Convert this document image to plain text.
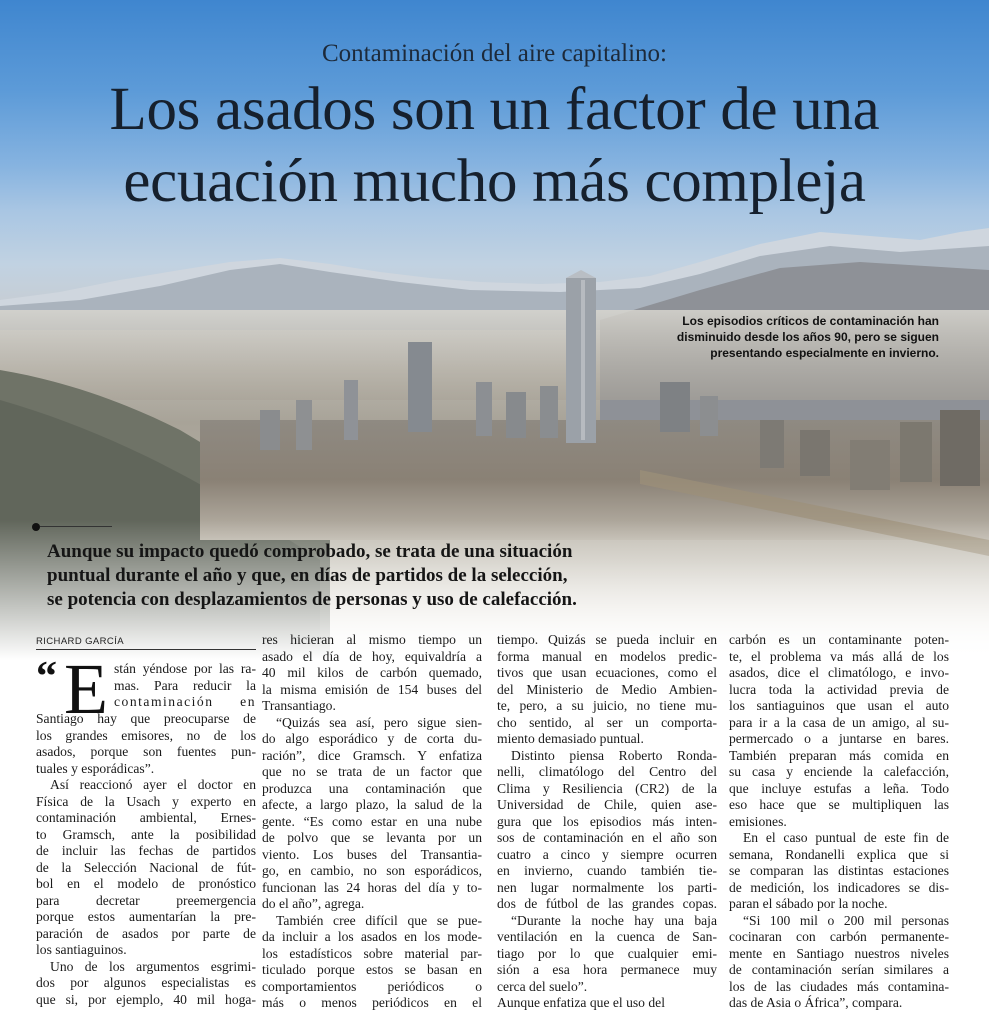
Contaminación del aire capitalino:
Los asados son un factor de una
ecuación mucho más compleja
Los episodios críticos de contaminación han
disminuido desde los años 90, pero se siguen
presentando especialmente en invierno.
Aunque su impacto quedó comprobado, se trata de una situación
puntual durante el año y que, en días de partidos de la selección,
se potencia con desplazamientos de personas y uso de calefacción.
RICHARD GARCÍA
“ E stán yéndose por las ra-
mas. Para reducir la
contaminación en
Santiago hay que preocuparse de
los grandes emisores, no de los
asados, porque son fuentes pun-
tuales y esporádicas”.
Así reaccionó ayer el doctor en
Física de la Usach y experto en
contaminación ambiental, Ernes-
to Gramsch, ante la posibilidad
de incluir las fechas de partidos
de la Selección Nacional de fút-
bol en el modelo de pronóstico
para decretar preemergencia
porque estos aumentarían la pre-
paración de asados por parte de
los santiaguinos.
Uno de los argumentos esgrimi-
dos por algunos especialistas es
que si, por ejemplo, 40 mil hoga-
res hicieran al mismo tiempo un
asado el día de hoy, equivaldría a
40 mil kilos de carbón quemado,
la misma emisión de 154 buses del
Transantiago.
“Quizás sea así, pero sigue sien-
do algo esporádico y de corta du-
ración”, dice Gramsch. Y enfatiza
que no se trata de un factor que
produzca una contaminación que
afecte, a largo plazo, la salud de la
gente. “Es como estar en una nube
de polvo que se levanta por un
viento. Los buses del Transantia-
go, en cambio, no son esporádicos,
funcionan las 24 horas del día y to-
do el año”, agrega.
También cree difícil que se pue-
da incluir a los asados en los mode-
los estadísticos sobre material par-
ticulado porque estos se basan en
comportamientos periódicos o
más o menos periódicos en el
tiempo. Quizás se pueda incluir en
forma manual en modelos predic-
tivos que usan ecuaciones, como el
del Ministerio de Medio Ambien-
te, pero, a su juicio, no tiene mu-
cho sentido, al ser un comporta-
miento demasiado puntual.
Distinto piensa Roberto Ronda-
nelli, climatólogo del Centro del
Clima y Resiliencia (CR2) de la
Universidad de Chile, quien ase-
gura que los episodios más inten-
sos de contaminación en el año son
cuatro a cinco y siempre ocurren
en invierno, cuando también tie-
nen lugar normalmente los parti-
dos de fútbol de las grandes copas.
“Durante la noche hay una baja
ventilación en la cuenca de San-
tiago por lo que cualquier emi-
sión a esa hora permanece muy
cerca del suelo”.
Aunque enfatiza que el uso del
carbón es un contaminante poten-
te, el problema va más allá de los
asados, dice el climatólogo, e invo-
lucra toda la actividad previa de
los santiaguinos que usan el auto
para ir a la casa de un amigo, al su-
permercado o a juntarse en bares.
También preparan más comida en
su casa y enciende la calefacción,
que incluye estufas a leña. Todo
eso hace que se multipliquen las
emisiones.
En el caso puntual de este fin de
semana, Rondanelli explica que si
se comparan las distintas estaciones
de medición, los indicadores se dis-
paran el sábado por la noche.
“Si 100 mil o 200 mil personas
cocinaran con carbón permanente-
mente en Santiago nuestros niveles
de contaminación serían similares a
los de las ciudades más contamina-
das de Asia o África”, compara.
